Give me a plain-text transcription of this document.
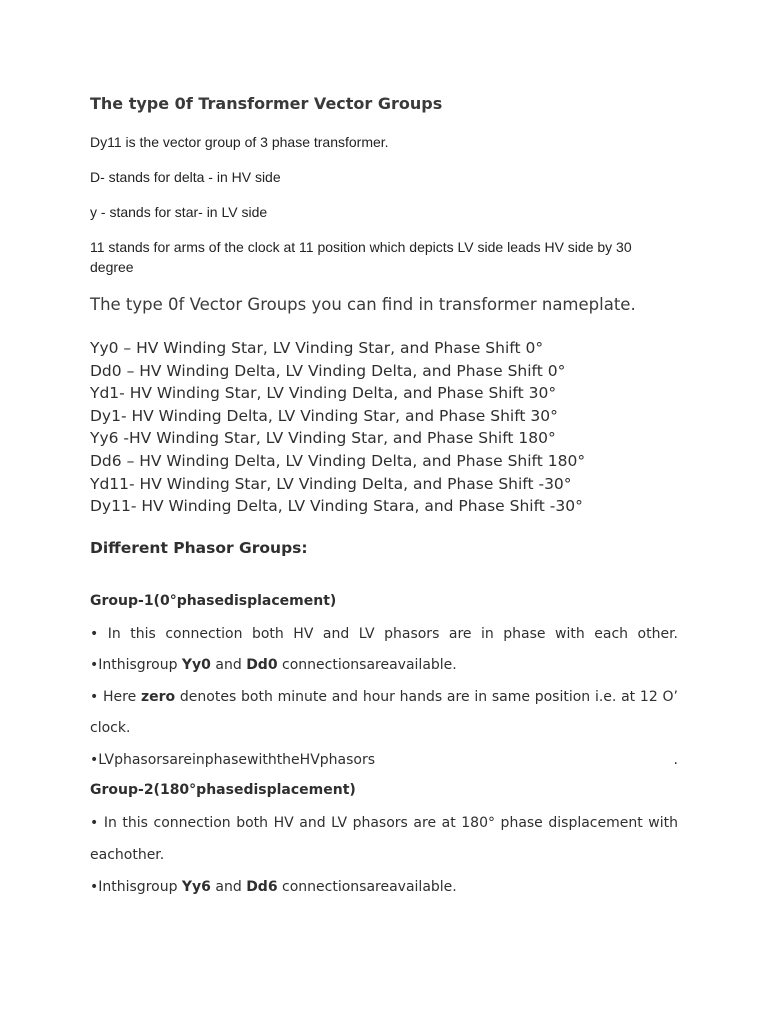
The type 0f Transformer Vector Groups

Dy11 is the vector group of 3 phase transformer.

D- stands for delta - in HV side

y - stands for star- in LV side

11 stands for arms of the clock at 11 position which depicts LV side leads HV side by 30 degree

The type 0f Vector Groups you can find in transformer nameplate.

Yy0 – HV Winding Star, LV Vinding Star, and Phase Shift 0°
Dd0 – HV Winding Delta, LV Vinding Delta, and Phase Shift 0°
Yd1- HV Winding Star, LV Vinding Delta, and Phase Shift 30°
Dy1- HV Winding Delta, LV Vinding Star, and Phase Shift 30°
Yy6 -HV Winding Star, LV Vinding Star, and Phase Shift 180°
Dd6 – HV Winding Delta, LV Vinding Delta, and Phase Shift 180°
Yd11- HV Winding Star, LV Vinding Delta, and Phase Shift -30°
Dy11- HV Winding Delta, LV Vinding Stara, and Phase Shift -30°
Different Phasor Groups:
Group-1(0°phasedisplacement)

• In this connection both HV and LV phasors are in phase with each other.

•Inthisgroup Yy0 and Dd0 connectionsareavailable.

• Here zero denotes both minute and hour hands are in same position i.e. at 12 O’

clock.

•LVphasorsareinphasewiththeHVphasors	.

Group-2(180°phasedisplacement)

• In this connection both HV and LV phasors are at 180° phase displacement with

eachother.

•Inthisgroup Yy6 and Dd6 connectionsareavailable.
